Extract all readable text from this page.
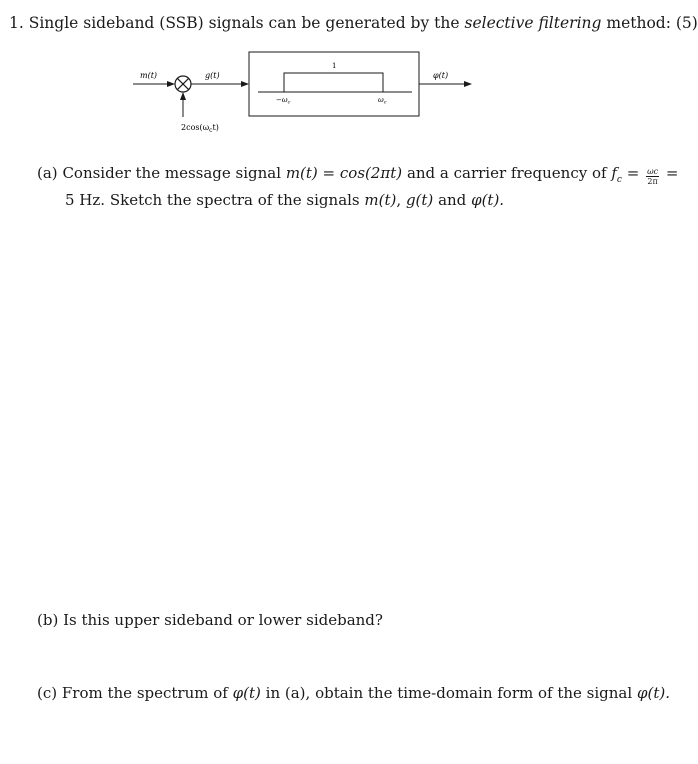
1. Single sideband (SSB) signals can be generated by the selective filtering method: (5)
m(t)
$2\cos(\omega_ct)$
g(t)
1
$-\omega_c$	$\omega_c$
φ(t)
(a) Consider the message signal m(t) = cos(2πt) and a carrier frequency of $f_c = \frac{\omega c}{2\pi}$ =
5 Hz. Sketch the spectra of the signals m(t), g(t) and φ(t).
(b) Is this upper sideband or lower sideband?
(c) From the spectrum of φ(t) in (a), obtain the time-domain form of the signal φ(t).
